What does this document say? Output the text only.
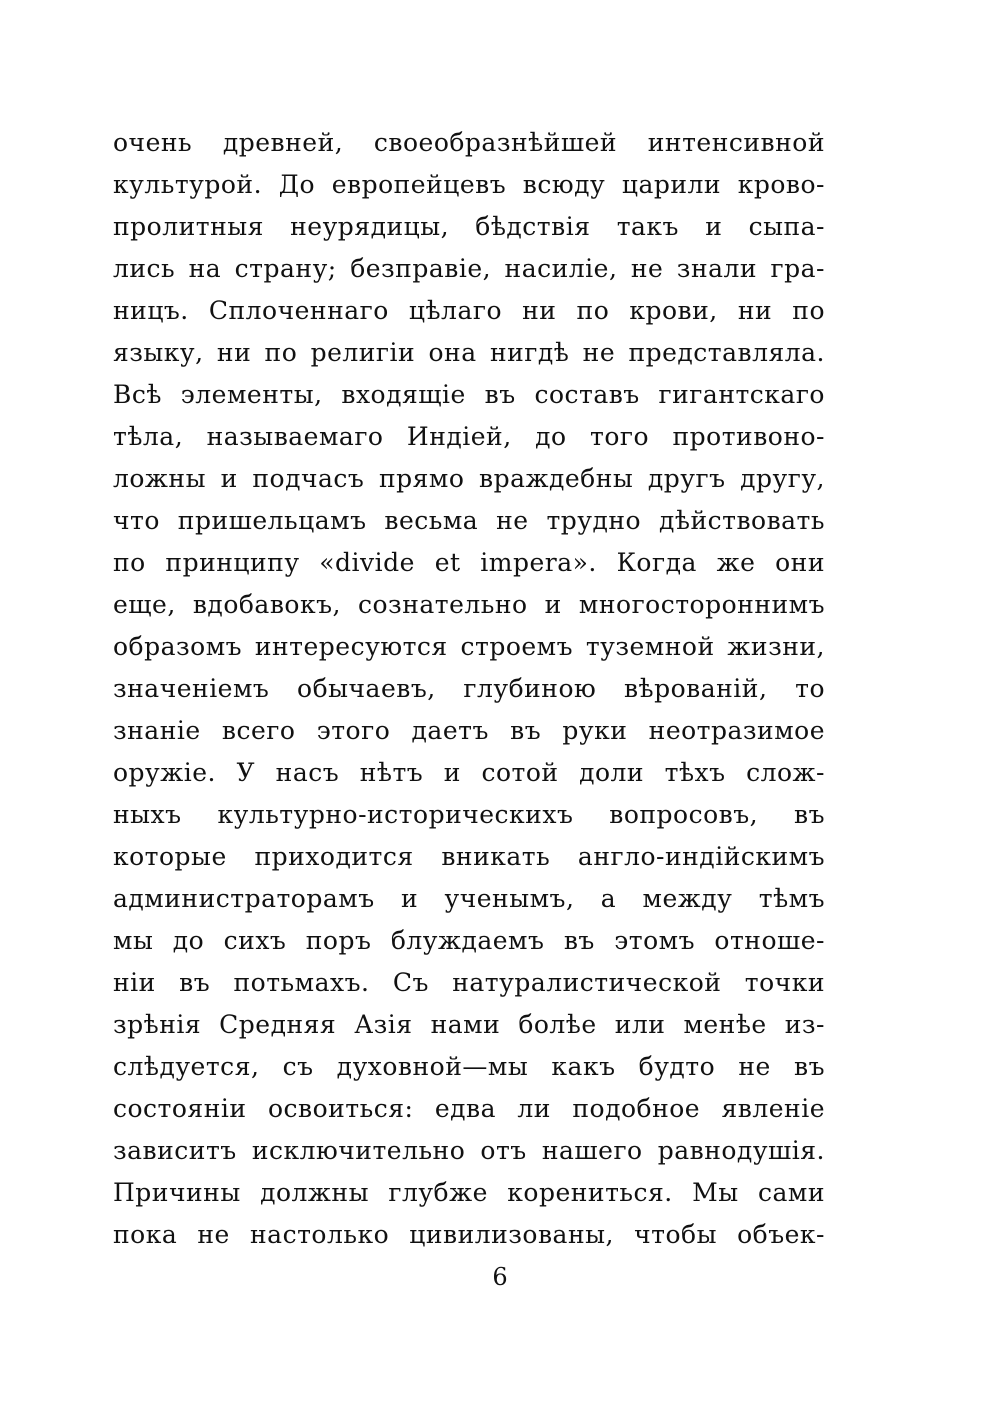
очень древней, своеобразнѣйшей интенсивной
культурой. До европейцевъ всюду царили крово-
пролитныя неурядицы, бѣдствія такъ и сыпа-
лись на страну; безправіе, насиліе, не знали гра-
ницъ. Сплоченнаго цѣлаго ни по крови, ни по
языку, ни по религіи она нигдѣ не представляла.
Всѣ элементы, входящіе въ составъ гигантскаго
тѣла, называемаго Индіей, до того противоно-
ложны и подчасъ прямо враждебны другъ другу,
что пришельцамъ весьма не трудно дѣйствовать
по принципу «divide et impera». Когда же они
еще, вдобавокъ, сознательно и многостороннимъ
образомъ интересуются строемъ туземной жизни,
значеніемъ обычаевъ, глубиною вѣрованій, то
знаніе всего этого даетъ въ руки неотразимое
оружіе. У насъ нѣтъ и сотой доли тѣхъ слож-
ныхъ культурно-историческихъ вопросовъ, въ
которые приходится вникать англо-индійскимъ
администраторамъ и ученымъ, а между тѣмъ
мы до сихъ поръ блуждаемъ въ этомъ отноше-
ніи въ потьмахъ. Съ натуралистической точки
зрѣнія Средняя Азія нами болѣе или менѣе из-
слѣдуется, съ духовной—мы какъ будто не въ
состояніи освоиться: едва ли подобное явленіе
зависитъ исключительно отъ нашего равнодушія.
Причины должны глубже корениться. Мы сами
пока не настолько цивилизованы, чтобы объек-
6
